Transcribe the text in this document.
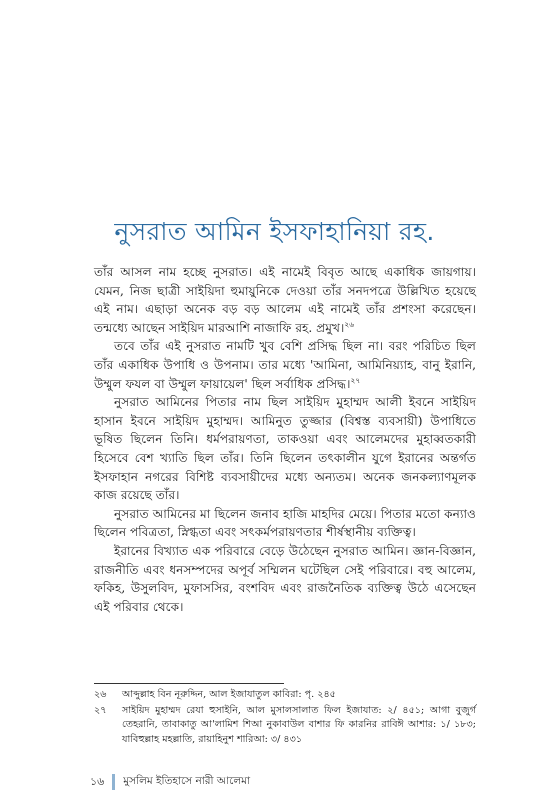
নুসরাত আমিন ইসফাহানিয়া রহ.

তাঁর আসল নাম হচ্ছে নুসরাত। এই নামেই বিবৃত আছে একাধিক জায়গায়। যেমন, নিজ ছাত্রী সাইয়িদা হুমায়ুনিকে দেওয়া তাঁর সনদপত্রে উল্লিখিত হয়েছে এই নাম। এছাড়া অনেক বড় বড় আলেম এই নামেই তাঁর প্রশংসা করেছেন। তন্মধ্যে আছেন সাইয়িদ মারআশি নাজাফি রহ. প্রমুখ।$^{২৬}$

তবে তাঁর এই নুসরাত নামটি খুব বেশি প্রসিদ্ধ ছিল না। বরং পরিচিত ছিল তাঁর একাধিক উপাধি ও উপনাম। তার মধ্যে 'আমিনা, আমিনিয়্যাহ, বানু ইরানি, উম্মুল ফযল বা উম্মুল ফায়ায়েল' ছিল সর্বাধিক প্রসিদ্ধ।$^{২৭}$

নুসরাত আমিনের পিতার নাম ছিল সাইয়িদ মুহাম্মদ আলী ইবনে সাইয়িদ হাসান ইবনে সাইয়িদ মুহাম্মদ। আমিনুত তুজ্জার (বিশ্বস্ত ব্যবসায়ী) উপাধিতে ভূষিত ছিলেন তিনি। ধর্মপরায়ণতা, তাকওয়া এবং আলেমদের মুহাব্বতকারী হিসেবে বেশ খ্যাতি ছিল তাঁর। তিনি ছিলেন তৎকালীন যুগে ইরানের অন্তর্গত ইসফাহান নগরের বিশিষ্ট ব্যবসায়ীদের মধ্যে অন্যতম। অনেক জনকল্যাণমূলক কাজ রয়েছে তাঁর।

নুসরাত আমিনের মা ছিলেন জনাব হাজি মাহদির মেয়ে। পিতার মতো কন্যাও ছিলেন পবিত্রতা, স্নিগ্ধতা এবং সৎকর্মপরায়ণতার শীর্ষস্থানীয় ব্যক্তিত্ব।

ইরানের বিখ্যাত এক পরিবারে বেড়ে উঠেছেন নুসরাত আমিন। জ্ঞান-বিজ্ঞান, রাজনীতি এবং ধনসম্পদের অপূর্ব সম্মিলন ঘটেছিল সেই পরিবারে। বহু আলেম, ফকিহ, উসুলবিদ, মুফাসসির, বংশবিদ এবং রাজনৈতিক ব্যক্তিত্ব উঠে এসেছেন এই পরিবার থেকে।

২৬	আব্দুল্লাহ বিন নূরুদ্দিন, আল ইজাযাতুল কাবিরা: পৃ. ২৪৫
২৭	সাইয়িদ মুহাম্মদ রেযা হুসাইনি, আল মুসালসালাত ফিল ইজাযাত: ২/ ৪৫১; আগা বুজুর্গ তেহরানি, তাবাকাতু আ'লামিশ শিআ নুকাবাউল বাশার ফি কারনির রাবিঈ আশার: ১/ ১৮৩; যাবিহুল্লাহ মহল্লাতি, রায়াহিনুশ শারিআ: ৩/ ৪৩১
১৬ মুসলিম ইতিহাসে নারী আলেমা
